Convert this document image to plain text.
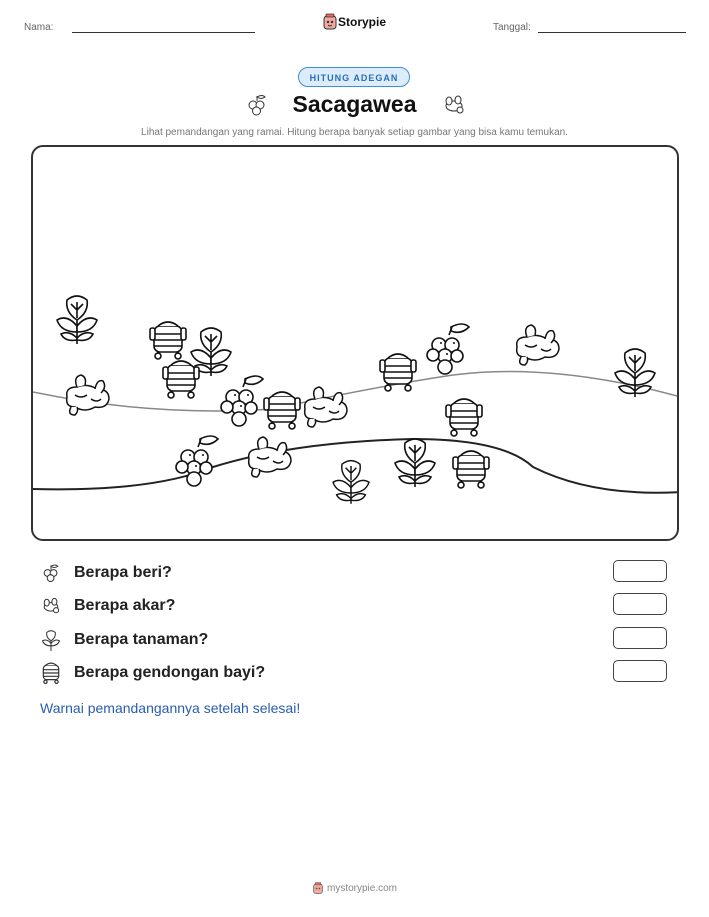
Nama:	Storypie	Tanggal:
HITUNG ADEGAN
Sacagawea
Lihat pemandangan yang ramai. Hitung berapa banyak setiap gambar yang bisa kamu temukan.
Berapa beri?
Berapa akar?
Berapa tanaman?
Berapa gendongan bayi?
Warnai pemandangannya setelah selesai!
mystorypie.com
